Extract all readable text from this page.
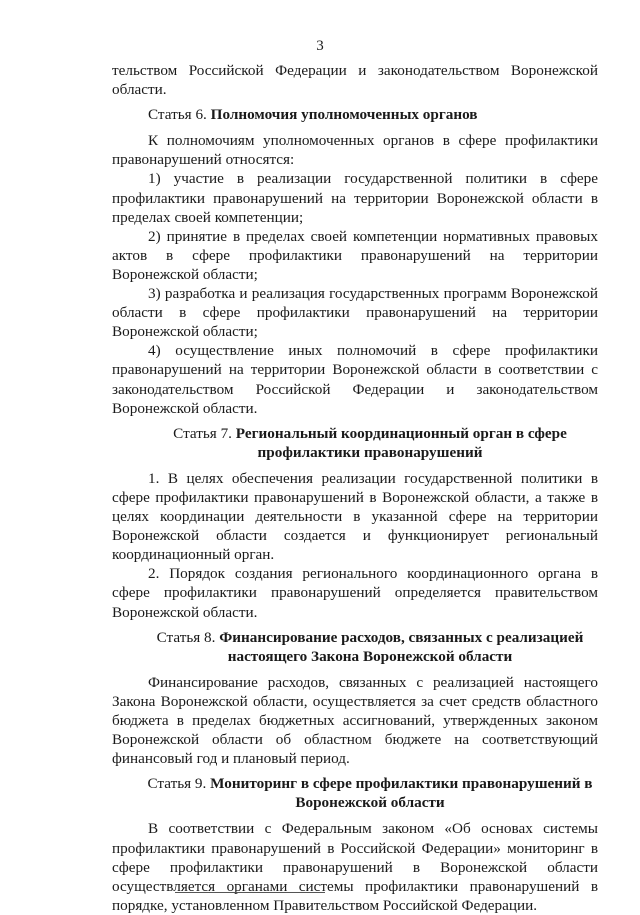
3

тельством Российской Федерации и законодательством Воронежской области.

Статья 6. Полномочия уполномоченных органов

К полномочиям уполномоченных органов в сфере профилактики правонарушений относятся:

1) участие в реализации государственной политики в сфере профилактики правонарушений на территории Воронежской области в пределах своей компетенции;

2) принятие в пределах своей компетенции нормативных правовых актов в сфере профилактики правонарушений на территории Воронежской области;

3) разработка и реализация государственных программ Воронежской области в сфере профилактики правонарушений на территории Воронежской области;

4) осуществление иных полномочий в сфере профилактики правонарушений на территории Воронежской области в соответствии с законодательством Российской Федерации и законодательством Воронежской области.

Статья 7. Региональный координационный орган в сфере профилактики правонарушений

1. В целях обеспечения реализации государственной политики в сфере профилактики правонарушений в Воронежской области, а также в целях координации деятельности в указанной сфере на территории Воронежской области создается и функционирует региональный координационный орган.

2. Порядок создания регионального координационного органа в сфере профилактики правонарушений определяется правительством Воронежской области.

Статья 8. Финансирование расходов, связанных с реализацией настоящего Закона Воронежской области

Финансирование расходов, связанных с реализацией настоящего Закона Воронежской области, осуществляется за счет средств областного бюджета в пределах бюджетных ассигнований, утвержденных законом Воронежской области об областном бюджете на соответствующий финансовый год и плановый период.

Статья 9. Мониторинг в сфере профилактики правонарушений в Воронежской области

В соответствии с Федеральным законом «Об основах системы профилактики правонарушений в Российской Федерации» мониторинг в сфере профилактики правонарушений в Воронежской области осуществляется органами системы профилактики правонарушений в порядке, установленном Правительством Российской Федерации.
